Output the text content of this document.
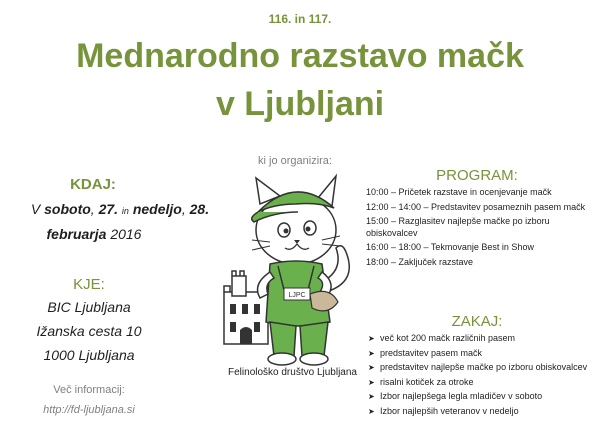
116. in 117.
Mednarodno razstavo mačk
v Ljubljani
ki jo organizira:
KDAJ:
V soboto, 27. in nedeljo, 28.
februarja 2016
KJE:
BIC Ljubljana
Ižanska cesta 10
1000 Ljubljana
Več informacij:
http://fd-ljubljana.si
LJPC
Felinološko društvo Ljubljana
PROGRAM:
10:00 – Pričetek razstave in ocenjevanje mačk
12:00 – 14:00 – Predstavitev posameznih pasem mačk
15:00 – Razglasitev najlepše mačke po izboru obiskovalcev
16:00 – 18:00 – Tekmovanje Best in Show
18:00 – Zaključek razstave
ZAKAJ:
➤ več kot 200 mačk različnih pasem
➤ predstavitev pasem mačk
➤ predstavitev najlepše mačke po izboru obiskovalcev
➤ risalni kotiček za otroke
➤ Izbor najlepšega legla mladičev v soboto
➤ Izbor najlepših veteranov v nedeljo
